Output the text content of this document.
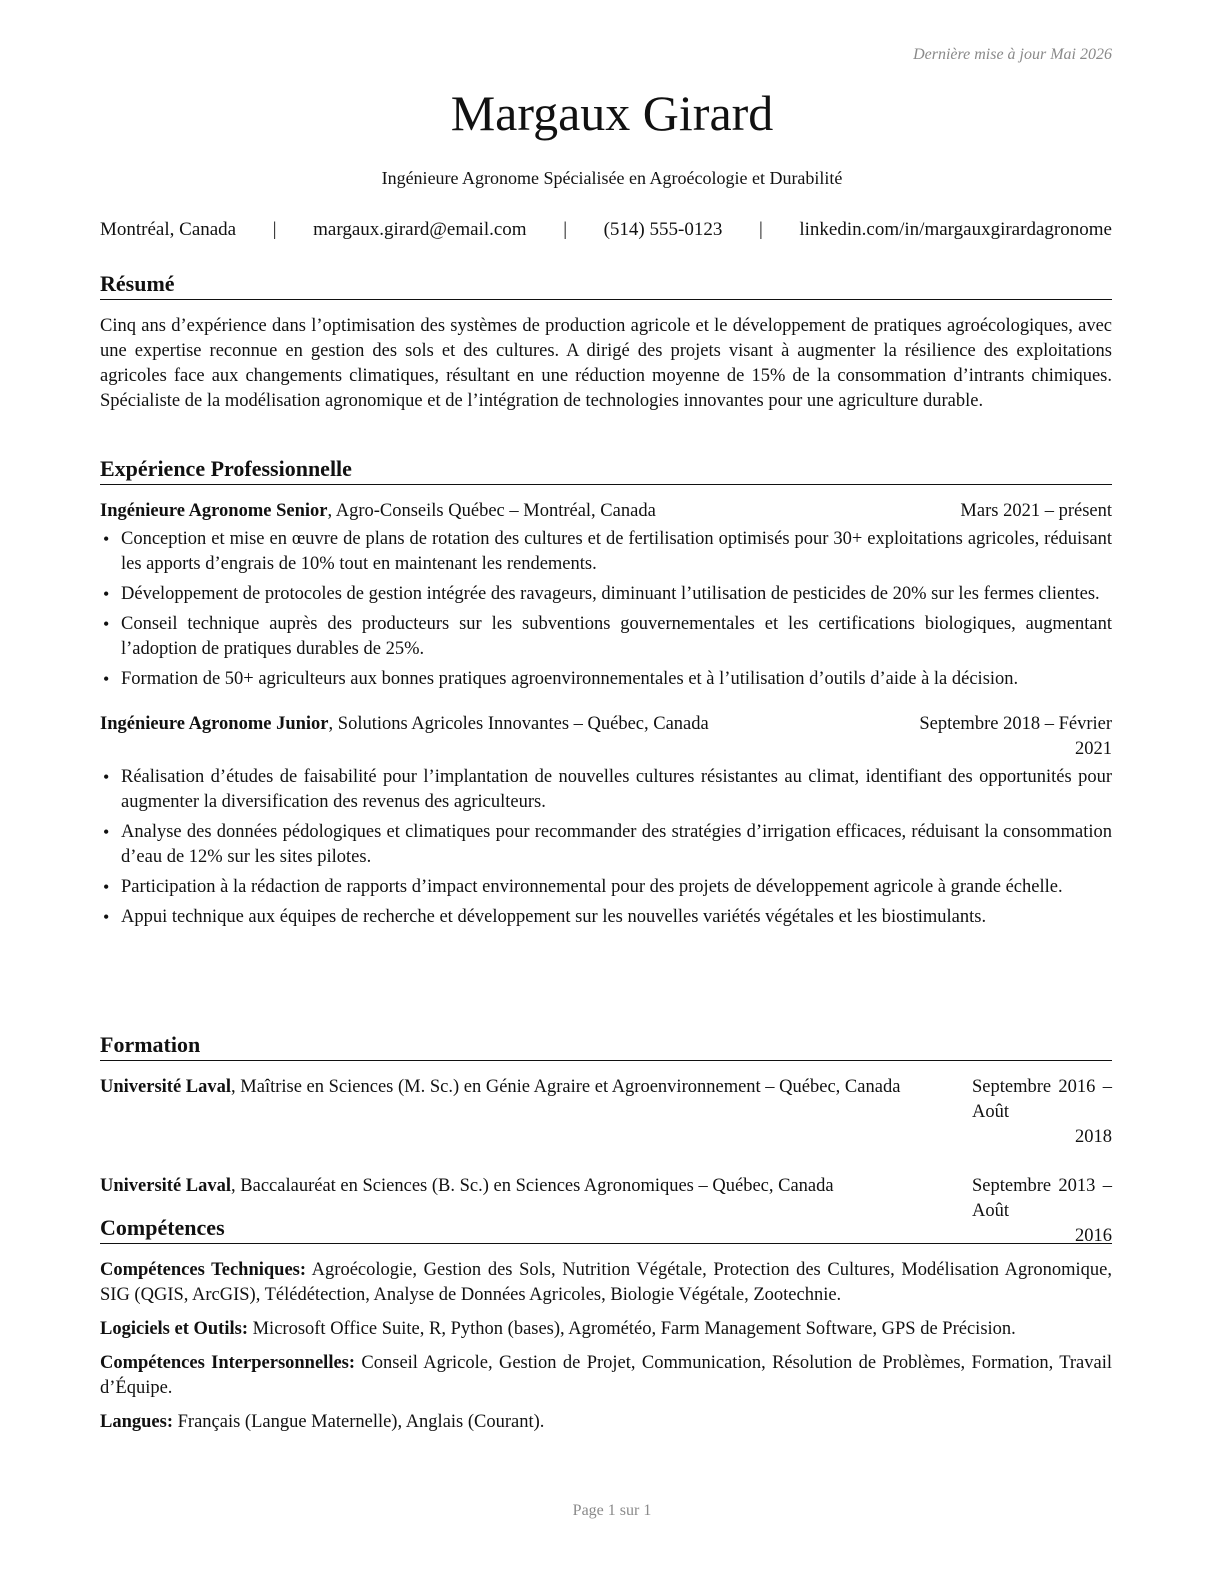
Dernière mise à jour Mai 2026
Margaux Girard
Ingénieure Agronome Spécialisée en Agroécologie et Durabilité
Montréal, Canada | margaux.girard@email.com | (514) 555-0123 | linkedin.com/in/margauxgirardagronome
Résumé

Cinq ans d’expérience dans l’optimisation des systèmes de production agricole et le développement de pratiques agroécologiques, avec une expertise reconnue en gestion des sols et des cultures. A dirigé des projets visant à augmenter la résilience des exploitations agricoles face aux changements climatiques, résultant en une réduction moyenne de 15% de la consommation d’intrants chimiques. Spécialiste de la modélisation agronomique et de l’intégration de technologies innovantes pour une agriculture durable.

Expérience Professionnelle
Ingénieure Agronome Senior, Agro-Conseils Québec – Montréal, Canada	Mars 2021 – présent
• Conception et mise en œuvre de plans de rotation des cultures et de fertilisation optimisés pour 30+ exploitations agricoles, réduisant les apports d’engrais de 10% tout en maintenant les rendements.
• Développement de protocoles de gestion intégrée des ravageurs, diminuant l’utilisation de pesticides de 20% sur les fermes clientes.
• Conseil technique auprès des producteurs sur les subventions gouvernementales et les certifications biologiques, augmentant l’adoption de pratiques durables de 25%.
• Formation de 50+ agriculteurs aux bonnes pratiques agroenvironnementales et à l’utilisation d’outils d’aide à la décision.
Ingénieure Agronome Junior, Solutions Agricoles Innovantes – Québec, Canada	Septembre 2018 – Février
2021
• Réalisation d’études de faisabilité pour l’implantation de nouvelles cultures résistantes au climat, identifiant des opportunités pour augmenter la diversification des revenus des agriculteurs.
• Analyse des données pédologiques et climatiques pour recommander des stratégies d’irrigation efficaces, réduisant la consommation d’eau de 12% sur les sites pilotes.
• Participation à la rédaction de rapports d’impact environnemental pour des projets de développement agricole à grande échelle.
• Appui technique aux équipes de recherche et développement sur les nouvelles variétés végétales et les biostimulants.
Formation
Université Laval, Maîtrise en Sciences (M. Sc.) en Génie Agraire et Agroenvironnement – Québec, Canada	Septembre 2016 – Août
2018
Université Laval, Baccalauréat en Sciences (B. Sc.) en Sciences Agronomiques – Québec, Canada	Septembre 2013 – Août
2016
Compétences

Compétences Techniques: Agroécologie, Gestion des Sols, Nutrition Végétale, Protection des Cultures, Modélisation Agronomique, SIG (QGIS, ArcGIS), Télédétection, Analyse de Données Agricoles, Biologie Végétale, Zootechnie.

Logiciels et Outils: Microsoft Office Suite, R, Python (bases), Agrométéo, Farm Management Software, GPS de Précision.

Compétences Interpersonnelles: Conseil Agricole, Gestion de Projet, Communication, Résolution de Problèmes, Formation, Travail d’Équipe.

Langues: Français (Langue Maternelle), Anglais (Courant).

Page 1 sur 1
